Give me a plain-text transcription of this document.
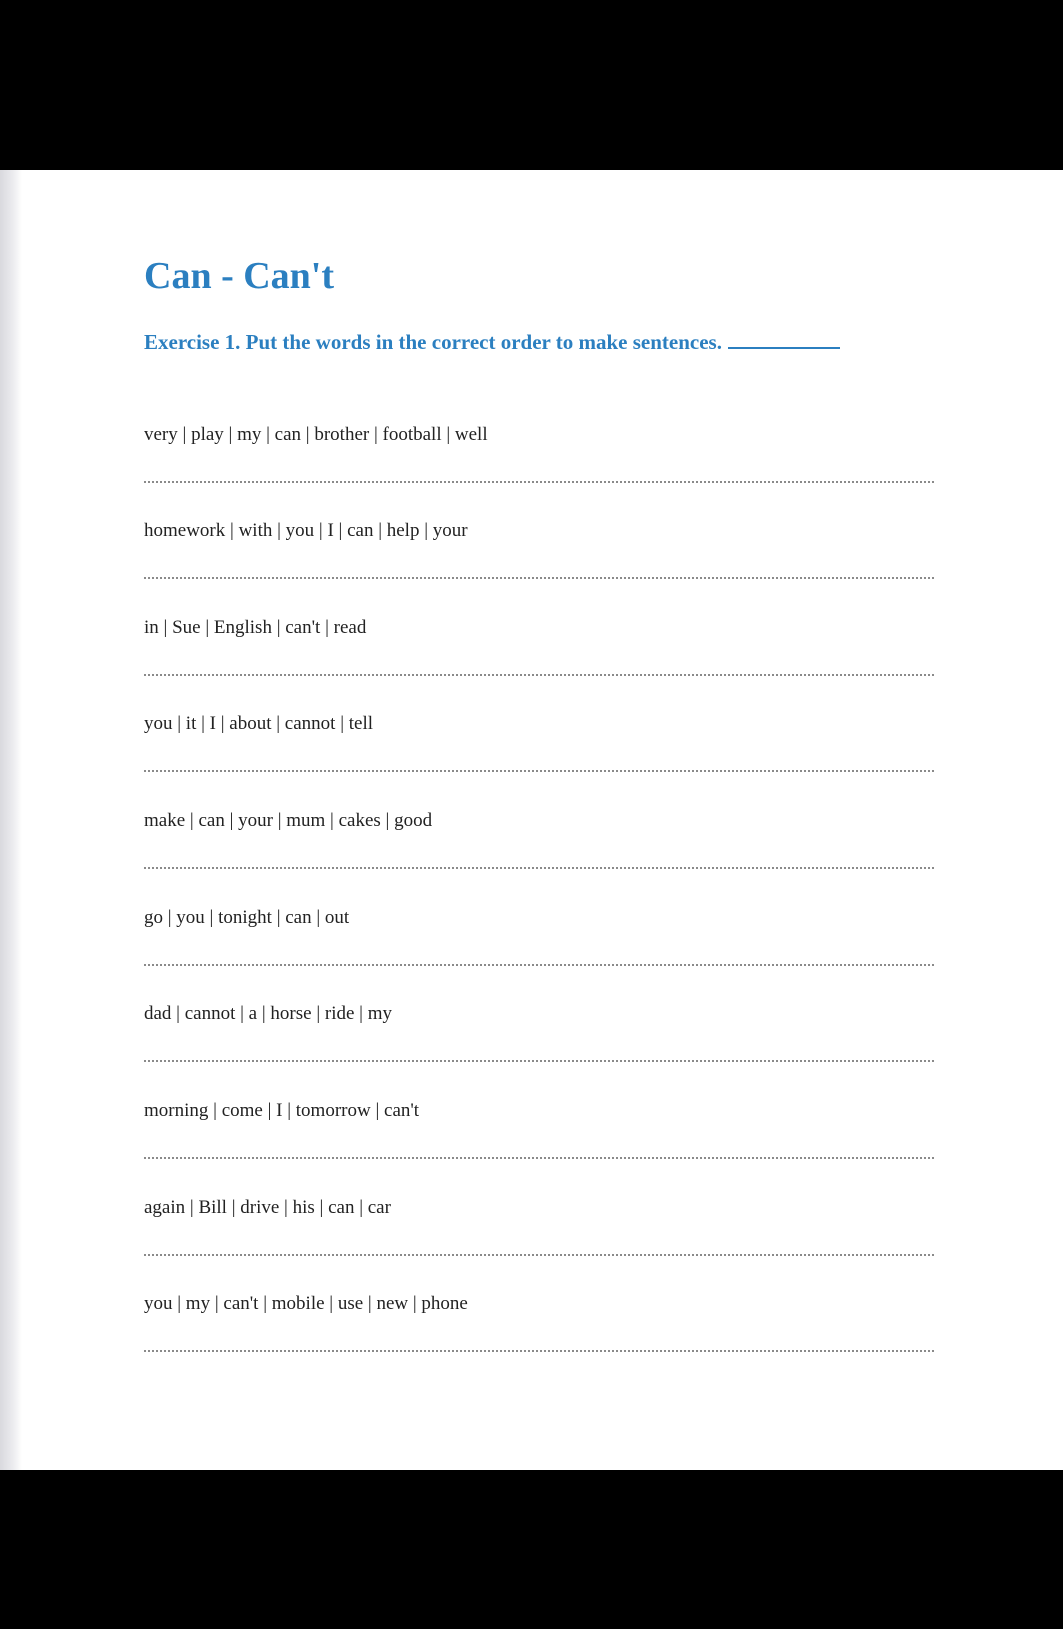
Can - Can't
Exercise 1. Put the words in the correct order to make sentences.
very | play | my | can | brother | football | well
homework | with | you | I | can | help | your
in | Sue | English | can't | read
you | it | I | about | cannot | tell
make | can | your | mum | cakes | good
go | you | tonight | can | out
dad | cannot | a | horse | ride | my
morning | come | I | tomorrow | can't
again | Bill | drive | his | can | car
you | my | can't | mobile | use | new | phone
